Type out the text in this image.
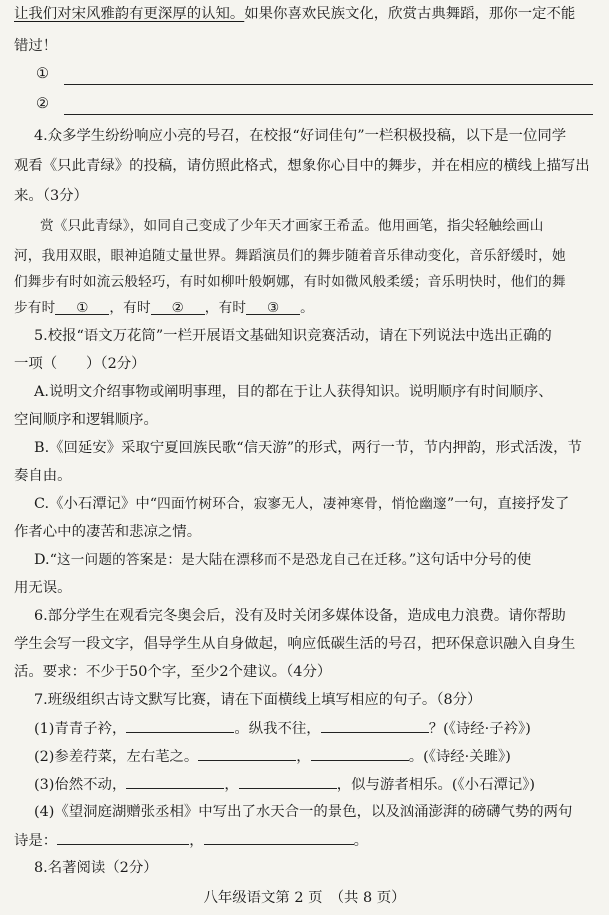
让我们对宋风雅韵有更深厚的认知。如果你喜欢民族文化，欣赏古典舞蹈，那你一定不能
错过！
①
②
4.众多学生纷纷响应小亮的号召，在校报“好词佳句”一栏积极投稿，以下是一位同学
观看《只此青绿》的投稿，请仿照此格式，想象你心目中的舞步，并在相应的横线上描写出
来。（3分）
赏《只此青绿》，如同自己变成了少年天才画家王希孟。他用画笔，指尖轻触绘画山
河，我用双眼，眼神追随丈量世界。舞蹈演员们的舞步随着音乐律动变化，音乐舒缓时，她
们舞步有时如流云般轻巧，有时如柳叶般婀娜，有时如微风般柔缓；音乐明快时，他们的舞
步有时 ① ，有时 ② ，有时 ③ 。
5.校报“语文万花筒”一栏开展语文基础知识竞赛活动，请在下列说法中选出正确的
一项（　　）（2分）
A.说明文介绍事物或阐明事理，目的都在于让人获得知识。说明顺序有时间顺序、
空间顺序和逻辑顺序。
B.《回延安》采取宁夏回族民歌“信天游”的形式，两行一节，节内押韵，形式活泼，节
奏自由。
C.《小石潭记》中“四面竹树环合，寂寥无人，凄神寒骨，悄怆幽邃”一句，直接抒发了
作者心中的凄苦和悲凉之情。
D.“这一问题的答案是：是大陆在漂移而不是恐龙自己在迁移。”这句话中分号的使
用无误。
6.部分学生在观看完冬奥会后，没有及时关闭多媒体设备，造成电力浪费。请你帮助
学生会写一段文字，倡导学生从自身做起，响应低碳生活的号召，把环保意识融入自身生
活。要求：不少于50个字，至少2个建议。（4分）
7.班级组织古诗文默写比赛，请在下面横线上填写相应的句子。（8分）
(1)青青子衿，	。纵我不往，	？(《诗经·子衿》)
(2)参差荇菜，左右芼之。	，	。(《诗经·关雎》)
(3)佁然不动，	，	，似与游者相乐。(《小石潭记》)
(4)《望洞庭湖赠张丞相》中写出了水天合一的景色，以及汹涌澎湃的磅礴气势的两句
诗是：	，	。
8.名著阅读（2分）
八年级语文第 2 页　（共 8 页）
